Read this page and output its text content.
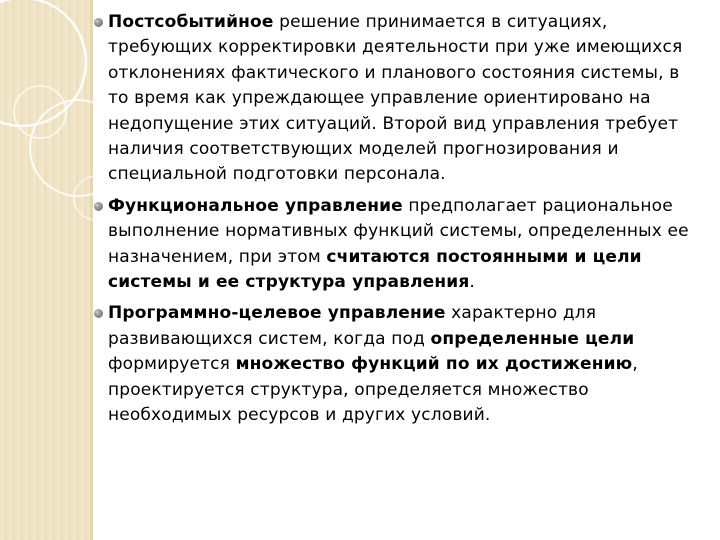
Постсобытийное решение принимается в ситуациях, требующих корректировки деятельности при уже имеющихся отклонениях фактического и планового состояния системы, в то время как упреждающее управление ориентировано на недопущение этих ситуаций. Второй вид управления требует наличия соответствующих моделей прогнозирования и специальной подготовки персонала.
Функциональное управление предполагает рациональное выполнение нормативных функций системы, определенных ее назначением, при этом считаются постоянными и цели системы и ее структура управления.
Программно-целевое управление характерно для развивающихся систем, когда под определенные цели формируется множество функций по их достижению, проектируется структура, определяется множество необходимых ресурсов и других условий.
